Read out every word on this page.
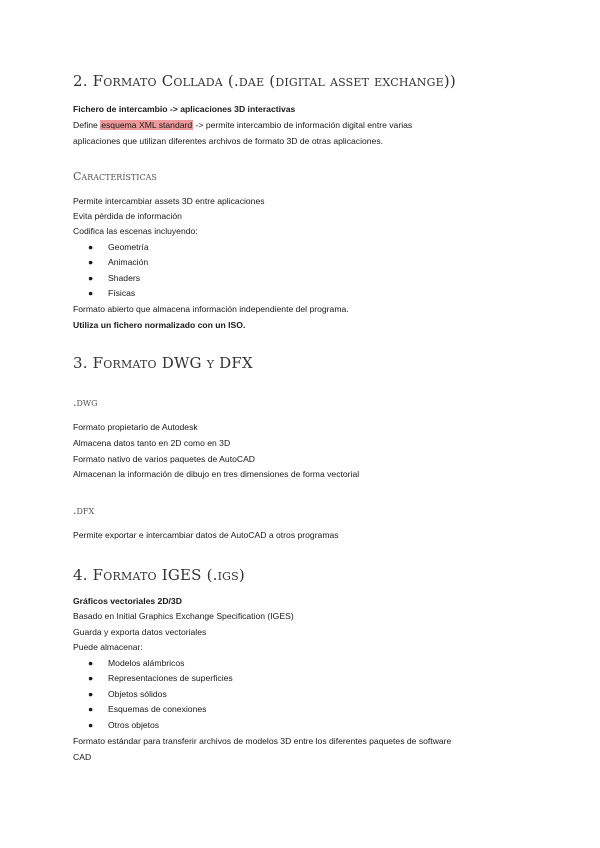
2. Formato Collada (.dae (digital asset exchange))
Fichero de intercambio -> aplicaciones 3D interactivas
Define esquema XML standard -> permite intercambio de información digital entre varias
aplicaciones que utilizan diferentes archivos de formato 3D de otras aplicaciones.
Características
Permite intercambiar assets 3D entre aplicaciones
Evita pérdida de información
Codifica las escenas incluyendo:
● Geometría
● Animación
● Shaders
● Físicas
Formato abierto que almacena información independiente del programa.
Utiliza un fichero normalizado con un ISO.
3. Formato DWG y DFX
.dwg
Formato propietario de Autodesk
Almacena datos tanto en 2D como en 3D
Formato nativo de varios paquetes de AutoCAD
Almacenan la información de dibujo en tres dimensiones de forma vectorial
.dfx
Permite exportar e intercambiar datos de AutoCAD a otros programas
4. Formato IGES (.igs)
Gráficos vectoriales 2D/3D
Basado en Initial Graphics Exchange Specification (IGES)
Guarda y exporta datos vectoriales
Puede almacenar:
● Modelos alámbricos
● Representaciones de superficies
● Objetos sólidos
● Esquemas de conexiones
● Otros objetos
Formato estándar para transferir archivos de modelos 3D entre los diferentes paquetes de software
CAD
